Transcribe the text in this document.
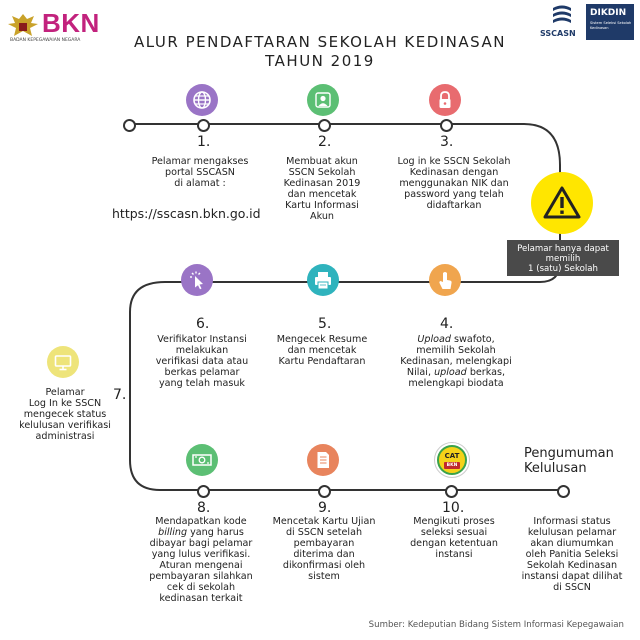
BKN
BADAN KEPEGAWAIAN NEGARA
SSCASN
DIKDIN
Sistem Seleksi Sekolah Kedinasan
ALUR PENDAFTARAN SEKOLAH KEDINASAN
TAHUN 2019
1.
Pelamar mengakses
portal SSCASN
di alamat :
https://sscasn.bkn.go.id
2.
Membuat akun
SSCN Sekolah
Kedinasan 2019
dan mencetak
Kartu Informasi
Akun
3.
Log in ke SSCN Sekolah
Kedinasan dengan
menggunakan NIK dan
password yang telah
didaftarkan
Pelamar hanya dapat
memilih
1 (satu) Sekolah
6.
Verifikator Instansi
melakukan
verifikasi data atau
berkas pelamar
yang telah masuk
5.
Mengecek Resume
dan mencetak
Kartu Pendaftaran
4.
Upload swafoto,
memilih Sekolah
Kedinasan, melengkapi
Nilai, upload berkas,
melengkapi biodata
Pelamar
Log In ke SSCN
mengecek status
kelulusan verifikasi
administrasi
7.
8.
Mendapatkan kode
billing yang harus
dibayar bagi pelamar
yang lulus verifikasi.
Aturan mengenai
pembayaran silahkan
cek di sekolah
kedinasan terkait
9.
Mencetak Kartu Ujian
di SSCN setelah
pembayaran
diterima dan
dikonfirmasi oleh
sistem
CAT
BKN
10.
Mengikuti proses
seleksi sesuai
dengan ketentuan
instansi
Pengumuman
Kelulusan
Informasi status
kelulusan pelamar
akan diumumkan
oleh Panitia Seleksi
Sekolah Kedinasan
instansi dapat dilihat
di SSCN
Sumber: Kedeputian Bidang Sistem Informasi Kepegawaian
